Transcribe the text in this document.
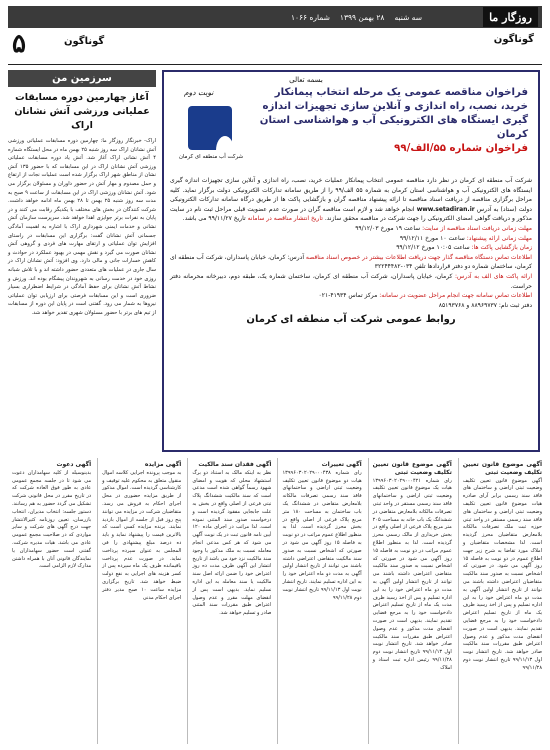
روزگار ما
سه شنبه
۲۸ بهمن ۱۳۹۹
شماره ۱۰۶۶
گوناگون
۵	گوناگون
سرزمین من
آغاز چهارمین دوره مسابقات عملیاتی ورزشی آتش نشانان اراک
اراک- خبرنگار روزگار ما: چهارمین دوره مسابقات عملیاتی ورزشی آتش نشانان اراک سه روز شنبه ۲۵ بهمن ماه در محل ایستگاه شماره ۴ آتش نشانی اراک آغاز شد. آتش یاد دوره مسابقات عملیاتی ورزشی آتش نشانان اراک در این مسابقات که با حضور ۱۳۵ آتش نشان از مناطق شهر اراک برگزار شده است عملیات نجات از ارتفاع و حمل مصدوم و مهار آتش در حضور داوران و مسئولان برگزار می شود. آتش نشانان ورزشی اراک در این مسابقات از ساعت ۹ صبح به مدت سه روز شنبه ۲۵ بهمن تا ۲۸ بهمن ماه ادامه خواهد داشت. شرکت کنندگان در بخش های مختلف با یکدیگر رقابت می کنند و در پایان به نفرات برتر جوایزی اهدا خواهد شد. سرپرست سازمان آتش نشانی و خدمات ایمنی شهرداری اراک با اشاره به اهمیت آمادگی جسمانی آتش نشانان گفت: برگزاری این مسابقات در راستای افزایش توان عملیاتی و ارتقای مهارت های فردی و گروهی آتش نشانان صورت می گیرد و نقش مهمی در بهبود عملکرد در حوادث و کاهش خسارات جانی و مالی دارد. وی افزود: آتش نشانان اراک در سال جاری در عملیات های متعددی حضور داشته اند و با تلاش شبانه روزی خود در خدمت رسانی به شهروندان پیشگام بوده اند. ورزش و نشاط آتش نشانان برای حفظ آمادگی در شرایط اضطراری بسیار ضروری است و این مسابقات فرصتی برای ارزیابی توان عملیاتی نیروها به شمار می رود. گفتنی است در پایان این دوره از مسابقات از تیم های برتر با حضور مسئولان شهری تقدیر خواهد شد.
نوبت دوم
شرکت آب منطقه ای کرمان
بسمه تعالی
فراخوان مناقصه عمومی یک مرحله انتخاب پیمانکار خرید، نصب، راه اندازی و آنلاین سازی تجهیزات اندازه گیری ایستگاه های الکترونیکی آب و هواشناسی استان کرمان
فراخوان شماره ۵۵/الف/۹۹
شرکت آب منطقه ای کرمان در نظر دارد مناقصه عمومی انتخاب پیمانکار عملیات خرید، نصب، راه اندازی و آنلاین سازی تجهیزات اندازه گیری ایستگاه های الکترونیکی آب و هواشناسی استان کرمان به شماره ۵۵ الف/۹۹ را از طریق سامانه تدارکات الکترونیکی دولت برگزار نماید. کلیه مراحل برگزاری مناقصه از دریافت اسناد مناقصه تا ارائه پیشنهاد مناقصه گران و بازگشایی پاکت ها از طریق درگاه سامانه تدارکات الکترونیکی دولت (ستاد) به آدرس www.setadiran.ir انجام خواهد شد و لازم است مناقصه گران در صورت عدم عضویت قبلی مراحل ثبت نام در سایت مذکور و دریافت گواهی امضای الکترونیکی را جهت شرکت در مناقصه محقق سازند. تاریخ انتشار مناقصه در سامانه تاریخ ۹۹/۱۱/۲۷ می باشد.
مهلت زمانی دریافت اسناد مناقصه از سایت: ساعت ۱۹ مورخ ۹۹/۱۲/۰۳
مهلت زمانی ارائه پیشنهاد: ساعت ۱۰ مورخ ۹۹/۱۲/۱۱
زمان بازگشایی پاکت ها: ساعت ۱۰:۰۵ مورخ ۹۹/۱۲/۱۲
اطلاعات تماس دستگاه مناقصه گذار جهت دریافت اطلاعات بیشتر در خصوص اسناد مناقصه آدرس: کرمان، خیابان پاسداران، شرکت آب منطقه ای کرمان، ساختمان شماره دو دفتر قراردادها تلفن ۰۳۴-۳۲۲۴۴۴۸۲
ارائه پاکت های الف به آدرس: کرمان، خیابان پاسداران، شرکت آب منطقه ای کرمان، ساختمان شماره یک، طبقه دوم، دبیرخانه محرمانه دفتر حراست.
اطلاعات تماس سامانه جهت انجام مراحل عضویت در سامانه: مرکز تماس ۴۱۹۳۴-۰۲۱
دفتر ثبت نام: ۸۸۹۶۹۷۳۷ و ۸۵۱۹۳۷۶۸
روابط عمومی شرکت آب منطقه ای کرمان
آگهی موضوع قانون تعیین تکلیف وضعیت ثبتی
آگهی موضوع قانون تعیین تکلیف وضعیت ثبتی اراضی و ساختمان های فاقد سند رسمی برابر آرای صادره هیات موضوع قانون تعیین تکلیف وضعیت ثبتی اراضی و ساختمان های فاقد سند رسمی مستقر در واحد ثبتی حوزه ثبت ملک تصرفات مالکانه بلامعارض متقاضیان محرز گردیده است. لذا مشخصات متقاضیان و املاک مورد تقاضا به شرح زیر جهت اطلاع عموم در دو نوبت به فاصله ۱۵ روز آگهی می شود. در صورتی که اشخاص نسبت به صدور سند مالکیت متقاضیان اعتراضی داشته باشند می توانند از تاریخ انتشار اولین آگهی به مدت دو ماه اعتراض خود را به این اداره تسلیم و پس از اخذ رسید ظرف یک ماه از تاریخ تسلیم اعتراض دادخواست خود را به مرجع قضایی تقدیم نمایند. بدیهی است در صورت انقضای مدت مذکور و عدم وصول اعتراض طبق مقررات سند مالکیت صادر خواهد شد. تاریخ انتشار نوبت اول ۹۹/۱۱/۱۳ تاریخ انتشار نوبت دوم ۹۹/۱۱/۲۸
آگهی موضوع قانون تعیین تکلیف وضعیت ثبتی
رای شماره ۱۳۹۹۶۰۳۰۲۰۲۹۰۰۰۴۲۱ هیات یک موضوع قانون تعیین تکلیف وضعیت ثبتی اراضی و ساختمانهای فاقد سند رسمی مستقر در واحد ثبتی تصرفات مالکانه بلامعارض متقاضی در ششدانگ یک باب خانه به مساحت ۲۰۵ متر مربع پلاک فرعی از اصلی واقع در بخش خریداری از مالک رسمی محرز گردیده است. لذا به منظور اطلاع عموم مراتب در دو نوبت به فاصله ۱۵ روز آگهی می شود در صورتی که اشخاص نسبت به صدور سند مالکیت متقاضی اعتراضی داشته باشند می توانند از تاریخ انتشار اولین آگهی به مدت دو ماه اعتراض خود را به این اداره تسلیم و پس از اخذ رسید ظرف مدت یک ماه از تاریخ تسلیم اعتراض دادخواست خود را به مرجع قضایی تقدیم نمایند. بدیهی است در صورت انقضای مدت مذکور و عدم وصول اعتراض طبق مقررات سند مالکیت صادر خواهد شد. تاریخ انتشار نوبت اول ۹۹/۱۱/۱۳ تاریخ انتشار نوبت دوم ۹۹/۱۱/۲۸ رئیس اداره ثبت اسناد و املاک
آگهی تغییرات
رای شماره ۱۳۹۹۶۰۳۰۲۰۲۹۰۰۰۴۳۸ هیات دو موضوع قانون تعیین تکلیف وضعیت ثبتی اراضی و ساختمانهای فاقد سند رسمی تصرفات مالکانه بلامعارض متقاضی در ششدانگ یک باب ساختمان به مساحت ۱۸۰ متر مربع پلاک فرعی از اصلی واقع در بخش محرز گردیده است. لذا به منظور اطلاع عموم مراتب در دو نوبت به فاصله ۱۵ روز آگهی می شود در صورتی که اشخاص نسبت به صدور سند مالکیت متقاضی اعتراضی داشته باشند می توانند از تاریخ انتشار اولین آگهی به مدت دو ماه اعتراض خود را به این اداره تسلیم نمایند. تاریخ انتشار نوبت اول ۹۹/۱۱/۱۳ تاریخ انتشار نوبت دوم ۹۹/۱۱/۲۸
آگهی فقدان سند مالکیت
نظر به اینکه مالک به استناد دو برگ استشهاد محلی که هویت و امضای شهود رسماً گواهی شده است مدعی است که سند مالکیت ششدانگ پلاک ثبتی فرعی از اصلی واقع در بخش به علت جابجایی مفقود گردیده است و درخواست صدور سند المثنی نموده است. لذا مراتب در اجرای ماده ۱۲۰ آیین نامه قانون ثبت در یک نوبت آگهی می شود که هر کس مدعی انجام معامله نسبت به ملک مذکور یا وجود سند مالکیت نزد خود می باشد از تاریخ انتشار این آگهی ظرف مدت ده روز اعتراض خود را ضمن ارائه اصل سند مالکیت یا سند معامله به این اداره تسلیم نماید. بدیهی است پس از انقضای مهلت مقرر و عدم وصول اعتراض طبق مقررات سند المثنی صادر و تسلیم خواهد شد.
آگهی مزایده
به موجب پرونده اجرایی کلاسه اموال منقول متعلق به محکوم علیه توقیف و کارشناسی گردیده است. اموال مذکور از طریق مزایده حضوری در محل اجرای احکام به فروش می رسد. متقاضیان شرکت در مزایده می توانند پنج روز قبل از جلسه از اموال بازدید نمایند. برنده مزایده کسی است که بالاترین قیمت را پیشنهاد نماید و باید ده درصد مبلغ پیشنهادی را فی المجلس به عنوان سپرده پرداخت نماید. در صورت عدم پرداخت باقیمانده ظرف یک ماه سپرده پس از کسر هزینه های اجرایی به نفع دولت ضبط خواهد شد. تاریخ برگزاری مزایده ساعت ۱۰ صبح مدیر دفتر اجرای احکام مدنی
آگهی دعوت
بدینوسیله از کلیه سهامداران دعوت می شود تا در جلسه مجمع عمومی عادی به طور فوق العاده شرکت که در تاریخ مقرر در محل قانونی شرکت تشکیل می گردد حضور به هم رسانند. دستور جلسه: انتخاب مدیران، انتخاب بازرسان، تعیین روزنامه کثیرالانتشار جهت درج آگهی های شرکت و سایر مواردی که در صلاحیت مجمع عمومی عادی می باشد. هیات مدیره شرکت. گفتنی است حضور سهامداران یا نمایندگان قانونی آنان با همراه داشتن مدارک لازم الزامی است.
